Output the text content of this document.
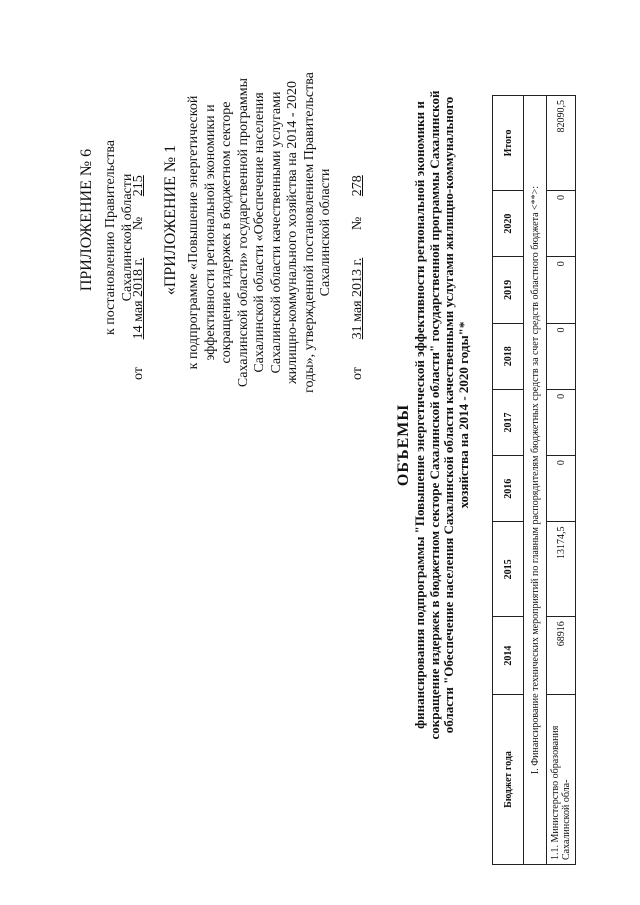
ПРИЛОЖЕНИЕ № 6 к постановлению Правительства Сахалинской области
от 14 мая 2018 г. № 215 «ПРИЛОЖЕНИЕ № 1 к подпрограмме «Повышение энергетической эффективности региональной экономики и сокращение издержек в бюджетном секторе Сахалинской области» государственной программы Сахалинской области «Обеспечение населения Сахалинской области качественными услугами жилищно-коммунального хозяйства на 2014 - 2020 годы», утвержденной постановлением Правительства Сахалинской области
от 31 мая 2013 г. № 278
ОБЪЕМЫ финансирования подпрограммы "Повышение энергетической эффективности региональной экономики и сокращение издержек в бюджетном секторе Сахалинской области" государственной программы Сахалинской области "Обеспечение населения Сахалинской области качественными услугами жилищно-коммунального хозяйства на 2014 - 2020 годы"*
Бюджет года	2014	2015	2016	2017	2018	2019	2020	Итого
I. Финансирование технических мероприятий по главным распорядителям бюджетных средств за счет средств областного бюджета <**>:								
1.1. Министерство образования Сахалинской обла-	68916	13174,5	0	0	0	0	0	82090,5
